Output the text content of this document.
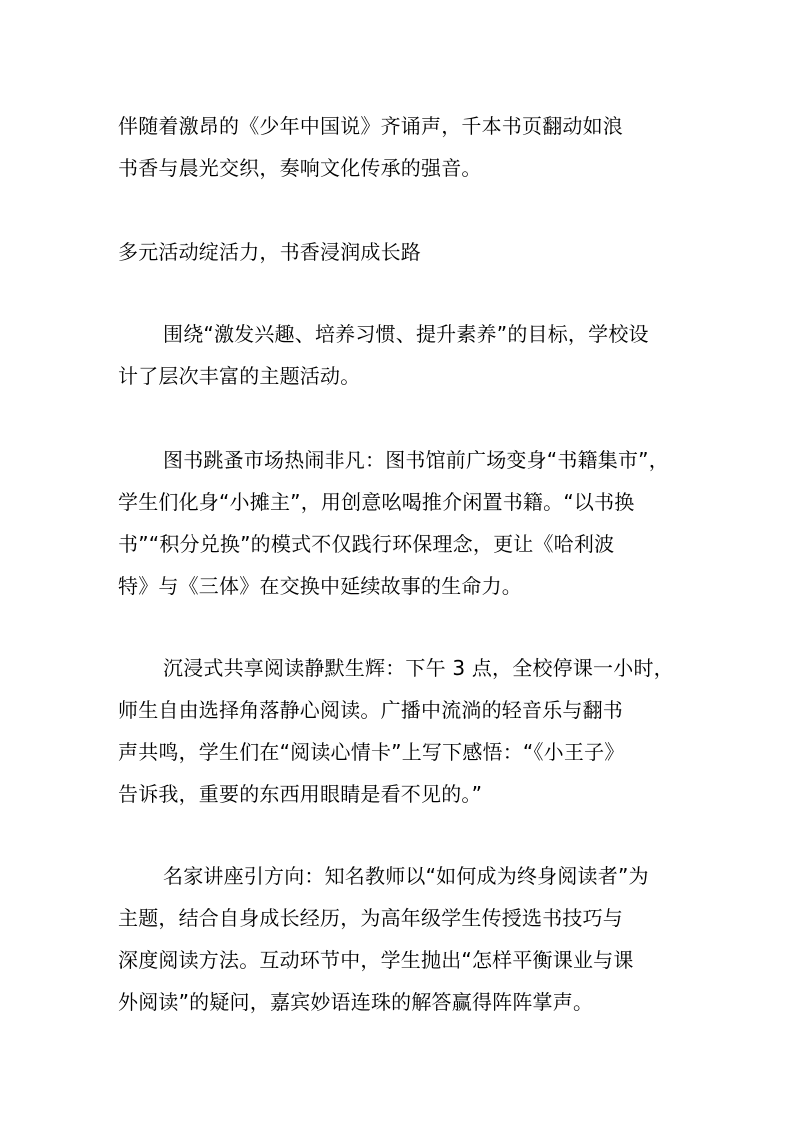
伴随着激昂的《少年中国说》齐诵声，千本书页翻动如浪
书香与晨光交织，奏响文化传承的强音。
多元活动绽活力，书香浸润成长路
围绕“激发兴趣、培养习惯、提升素养”的目标，学校设
计了层次丰富的主题活动。
图书跳蚤市场热闹非凡：图书馆前广场变身“书籍集市”，
学生们化身“小摊主”，用创意吆喝推介闲置书籍。“以书换
书”“积分兑换”的模式不仅践行环保理念，更让《哈利波
特》与《三体》在交换中延续故事的生命力。
沉浸式共享阅读静默生辉：下午 3 点，全校停课一小时，
师生自由选择角落静心阅读。广播中流淌的轻音乐与翻书
声共鸣，学生们在“阅读心情卡”上写下感悟：“《小王子》
告诉我，重要的东西用眼睛是看不见的。”
名家讲座引方向：知名教师以“如何成为终身阅读者”为
主题，结合自身成长经历，为高年级学生传授选书技巧与
深度阅读方法。互动环节中，学生抛出“怎样平衡课业与课
外阅读”的疑问，嘉宾妙语连珠的解答赢得阵阵掌声。
